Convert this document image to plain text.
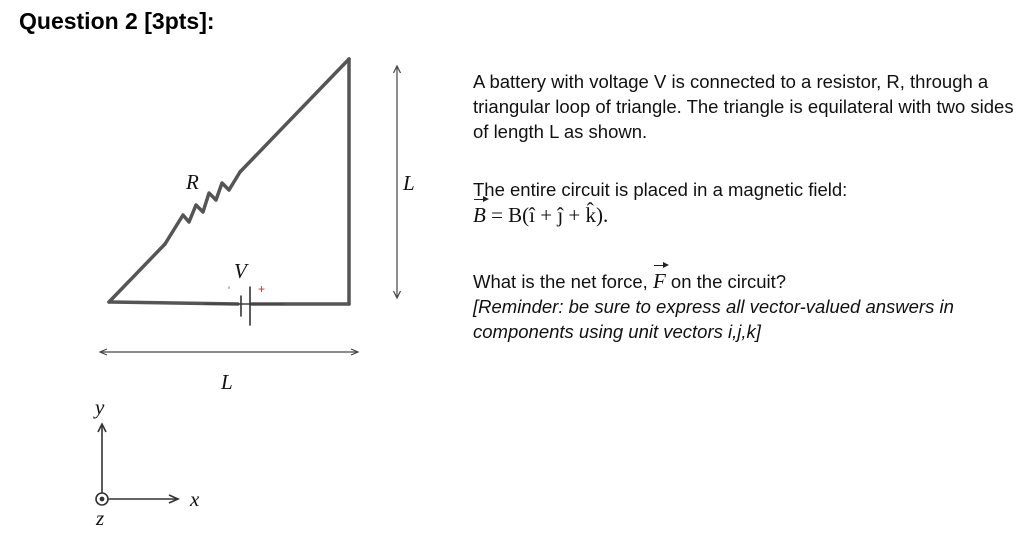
Question 2 [3pts]:
' +
V
R	L
L
y
x
z

A battery with voltage V is connected to a resistor, R, through a triangular loop of triangle. The triangle is equilateral with two sides of length L as shown.

The entire circuit is placed in a magnetic field:

B = B(î + ĵ + k̂).

What is the net force, F on the circuit?

[Reminder: be sure to express all vector-valued answers in components using unit vectors i,j,k]
